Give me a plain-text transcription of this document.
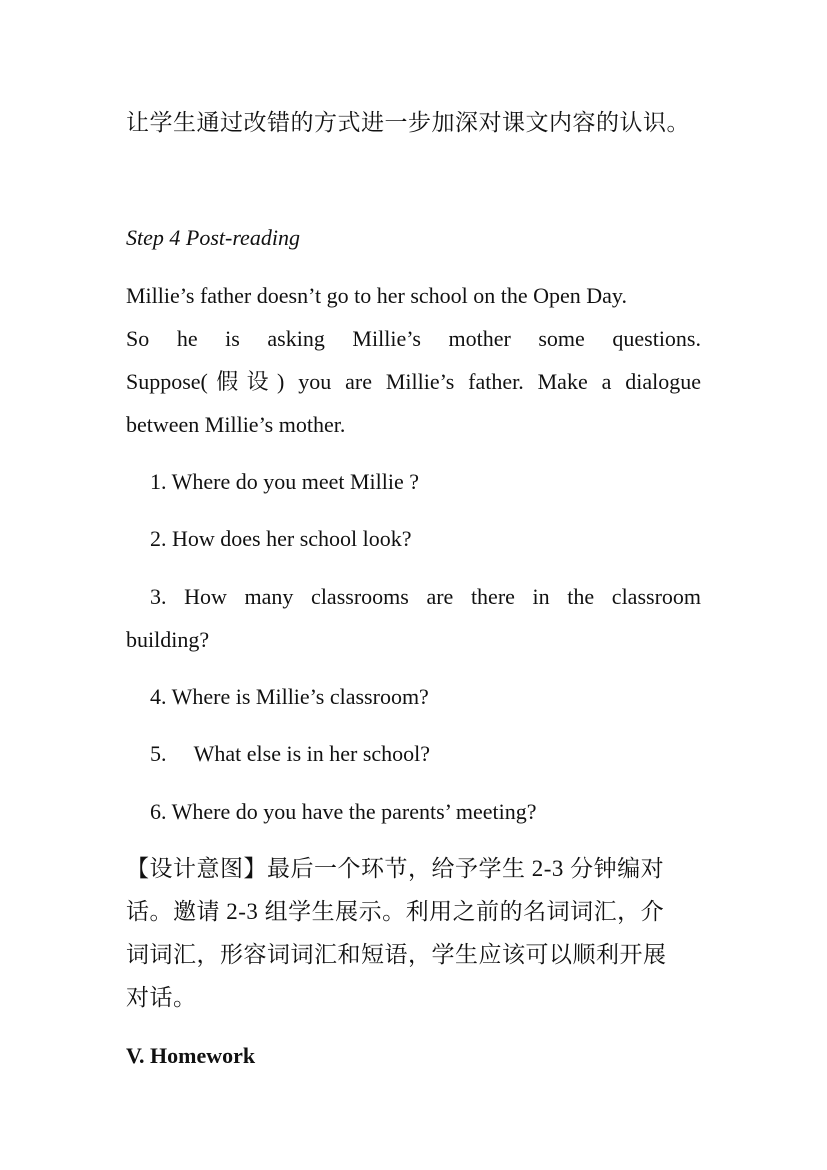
让学生通过改错的方式进一步加深对课文内容的认识。
Step 4 Post-reading
Millie’s father doesn’t go to her school on the Open Day.
So he is asking Millie’s mother some questions.
Suppose(假设) you are Millie’s father. Make a dialogue
between Millie’s mother.
1. Where do you meet Millie ?
2. How does her school look?
3. How many classrooms are there in the classroom
building?
4. Where is Millie’s classroom?
5. What else is in her school?
6. Where do you have the parents’ meeting?
【设计意图】最后一个环节，给予学生 2-3 分钟编对
话。邀请 2-3 组学生展示。利用之前的名词词汇，介
词词汇，形容词词汇和短语，学生应该可以顺利开展
对话。
V. Homework
